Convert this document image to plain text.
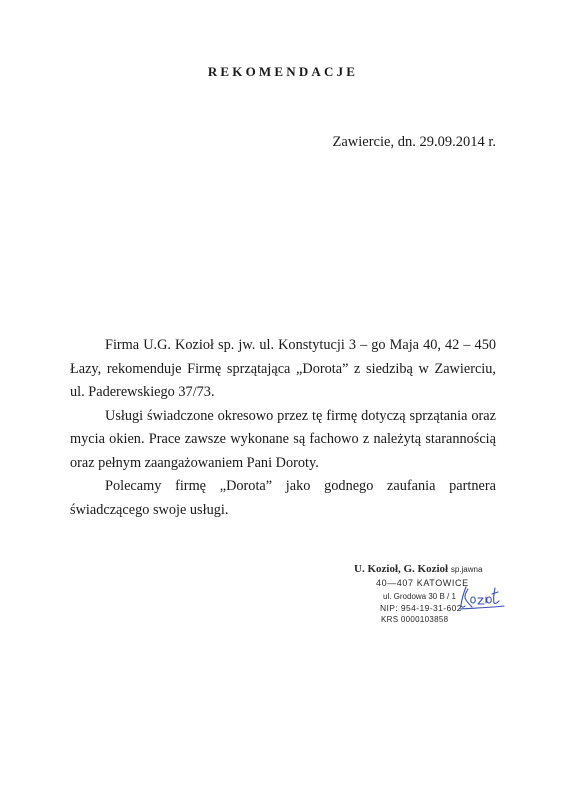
REKOMENDACJE
Zawiercie, dn. 29.09.2014 r.

Firma U.G. Kozioł sp. jw. ul. Konstytucji 3 – go Maja 40, 42 – 450 Łazy, rekomenduje Firmę sprzątająca „Dorota” z siedzibą w Zawierciu, ul. Paderewskiego 37/73.

Usługi świadczone okresowo przez tę firmę dotyczą sprzątania oraz mycia okien. Prace zawsze wykonane są fachowo z należytą starannością oraz pełnym zaangażowaniem Pani Doroty.

Polecamy firmę „Dorota” jako godnego zaufania partnera świadczącego swoje usługi.

U. Kozioł, G. Kozioł sp.jawna
40—407 KATOWICE
ul. Grodowa 30 B / 1
NIP: 954-19-31-602
KRS 0000103858
